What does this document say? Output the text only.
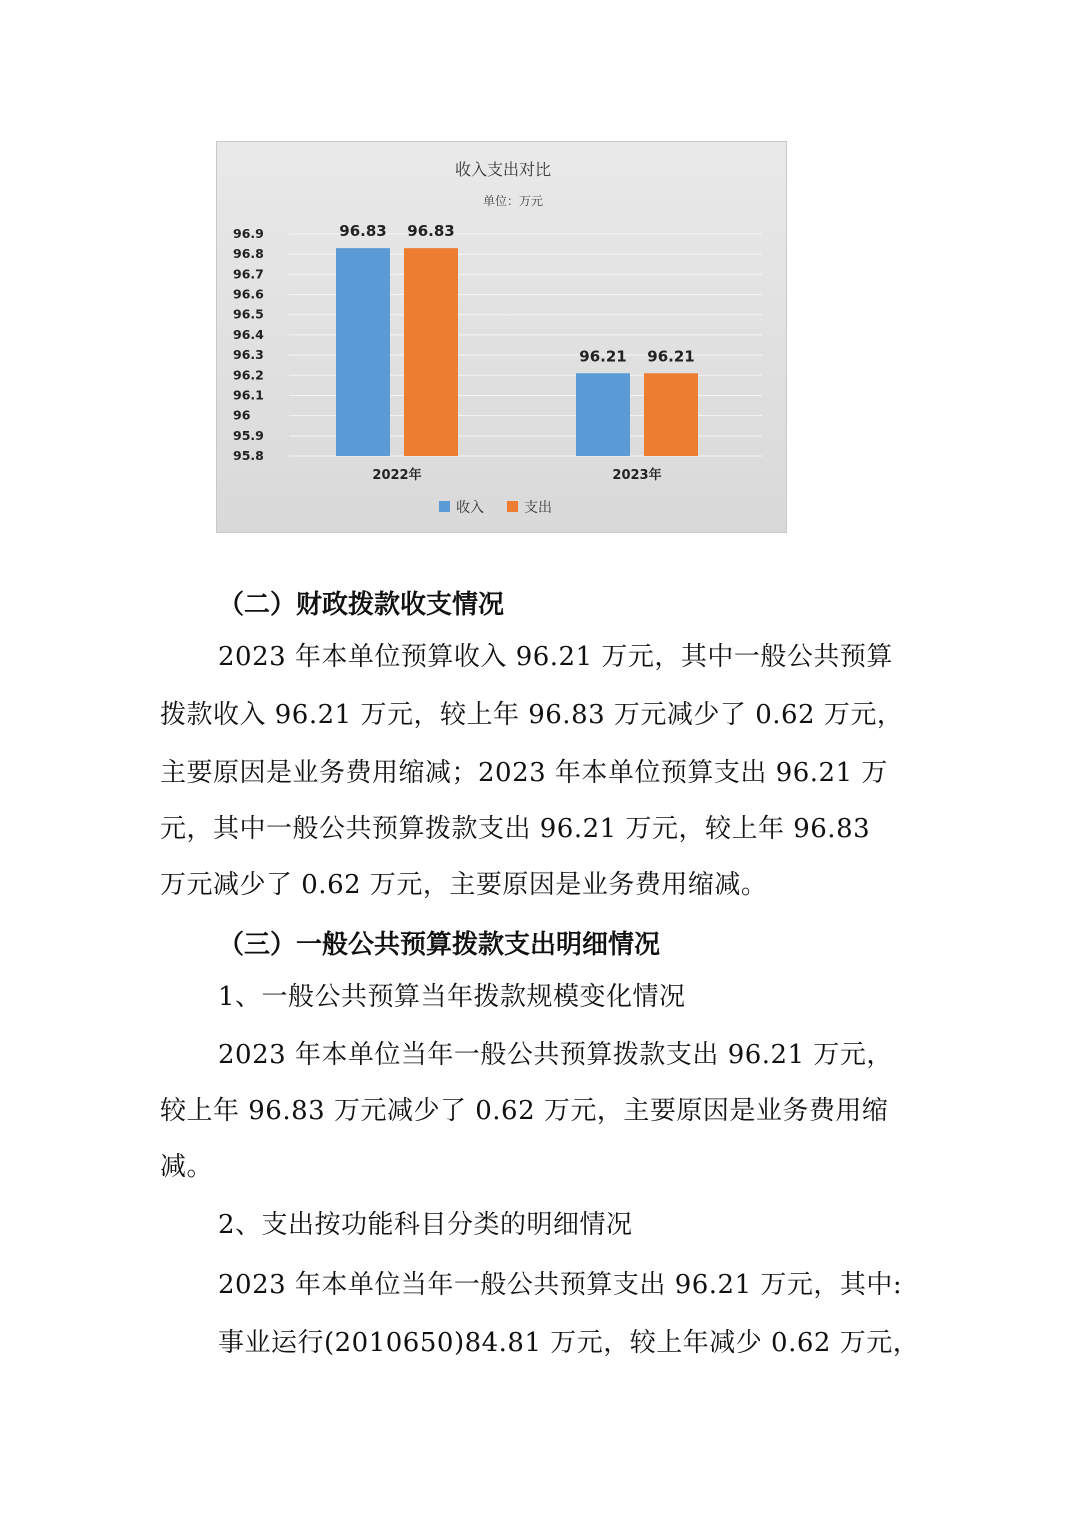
收入支出对比
单位：万元
96.9
96.8
96.7
96.6
96.5
96.4
96.3
96.2
96.1
96
95.9
95.8
96.83 96.83
96.21 96.21
2022年	2023年
收入	支出
（二）财政拨款收支情况
2023 年本单位预算收入 96.21 万元，其中一般公共预算
拨款收入 96.21 万元，较上年 96.83 万元减少了 0.62 万元，
主要原因是业务费用缩减；2023 年本单位预算支出 96.21 万
元，其中一般公共预算拨款支出 96.21 万元，较上年 96.83
万元减少了 0.62 万元，主要原因是业务费用缩减。
（三）一般公共预算拨款支出明细情况
1、一般公共预算当年拨款规模变化情况
2023 年本单位当年一般公共预算拨款支出 96.21 万元，
较上年 96.83 万元减少了 0.62 万元，主要原因是业务费用缩
减。
2、支出按功能科目分类的明细情况
2023 年本单位当年一般公共预算支出 96.21 万元，其中:
事业运行(2010650)84.81 万元，较上年减少 0.62 万元，
